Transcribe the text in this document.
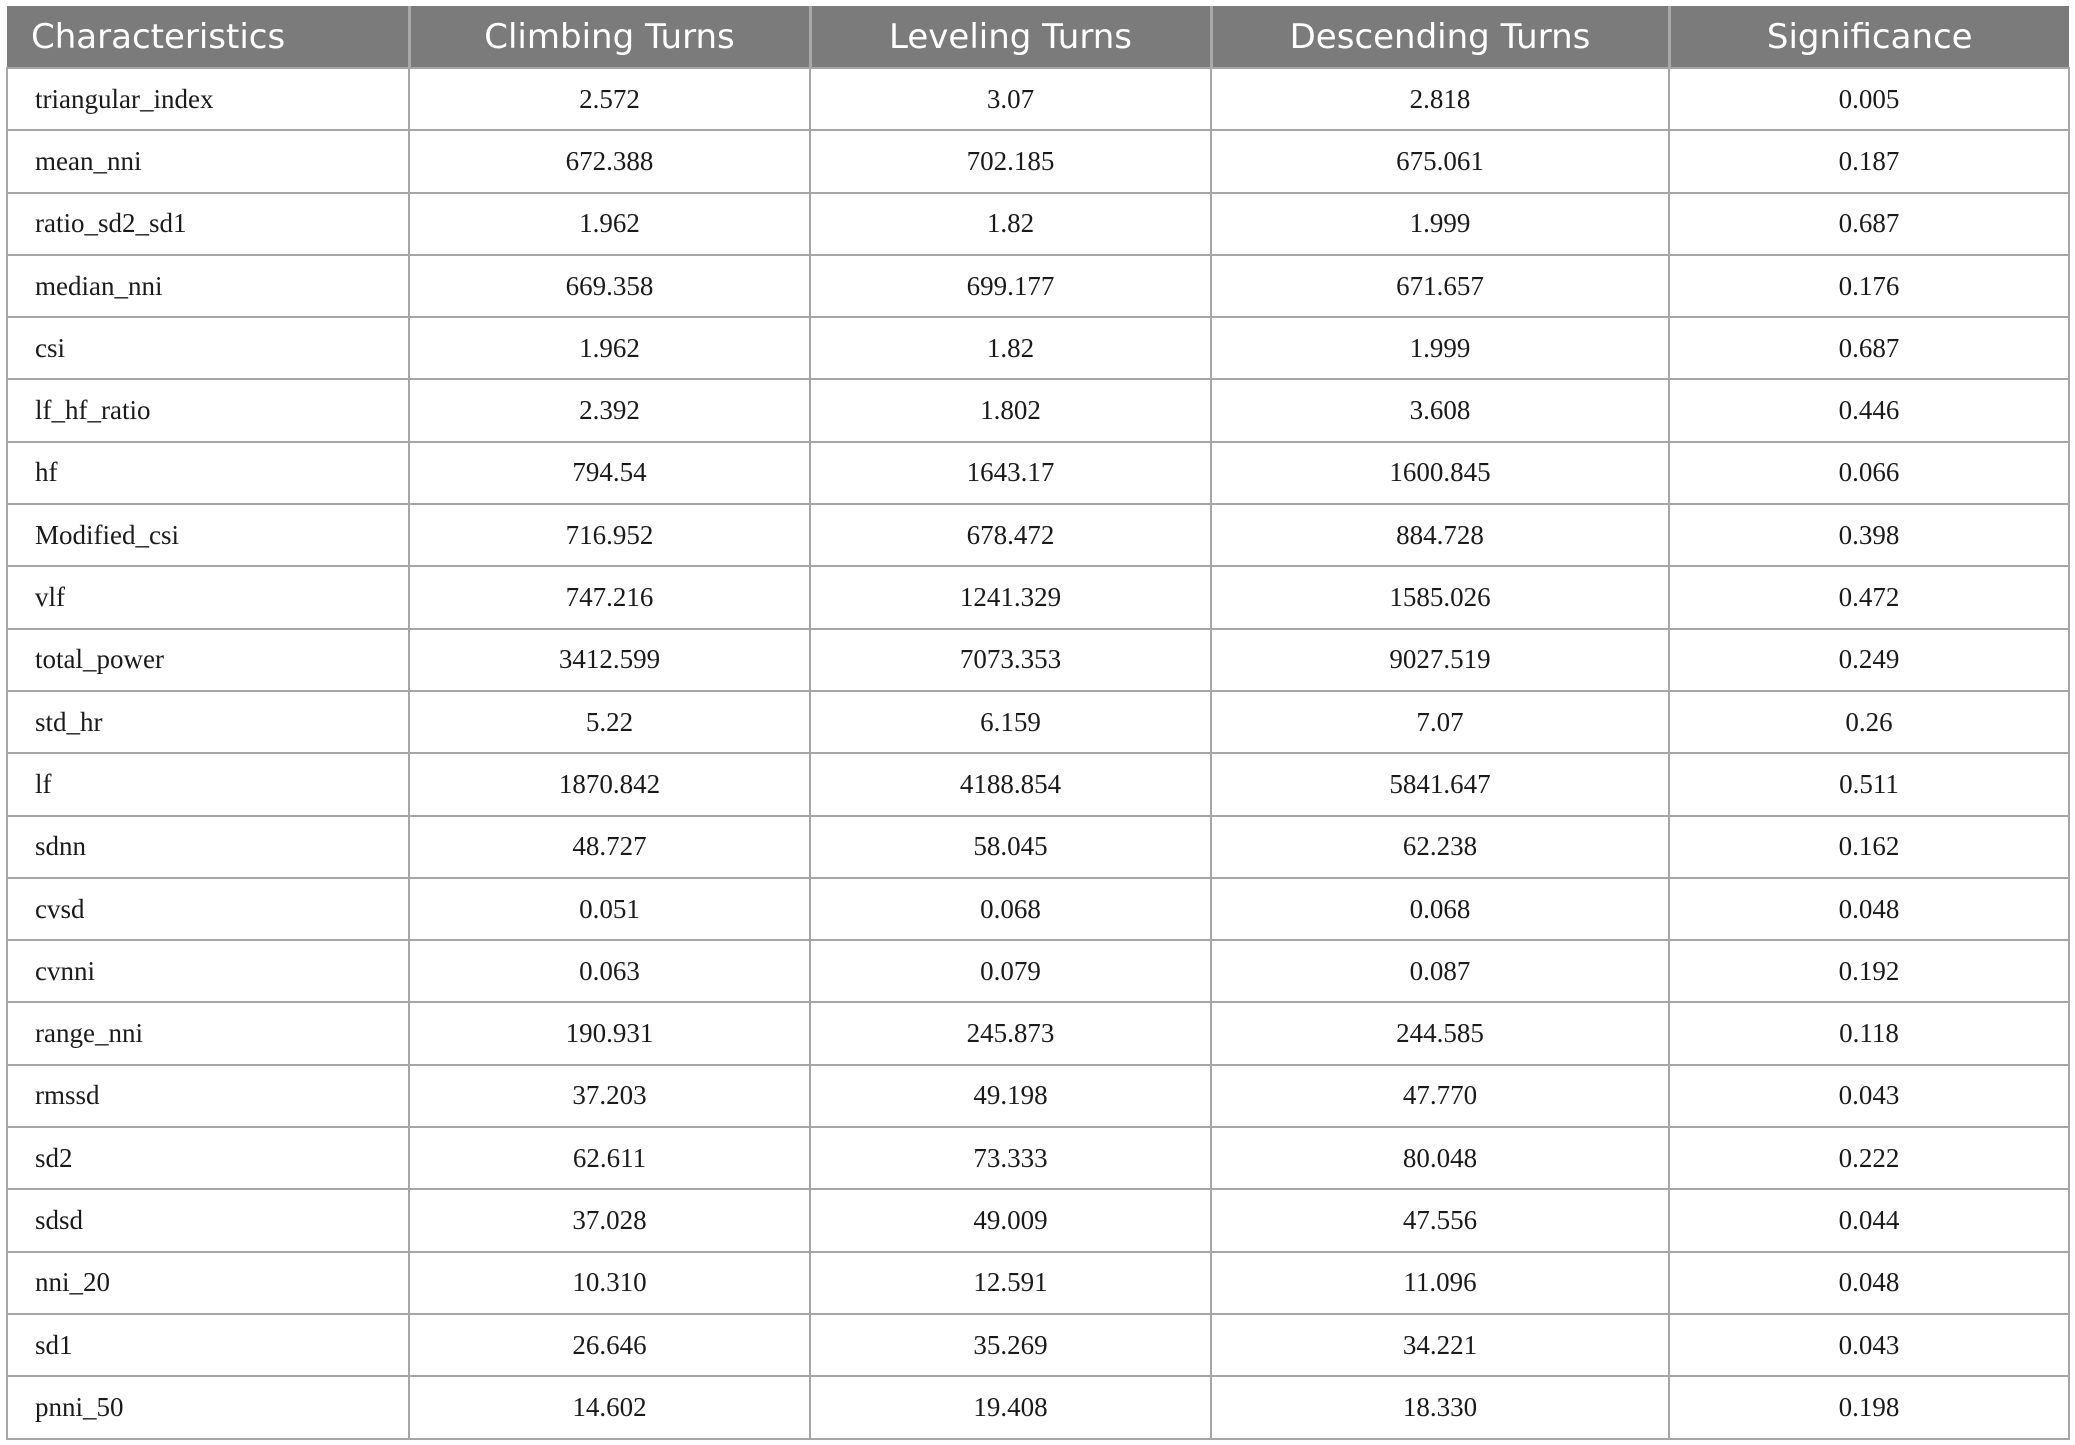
Characteristics	Climbing Turns	Leveling Turns	Descending Turns	Significance
triangular_index	2.572	3.07	2.818	0.005
mean_nni	672.388	702.185	675.061	0.187
ratio_sd2_sd1	1.962	1.82	1.999	0.687
median_nni	669.358	699.177	671.657	0.176
csi	1.962	1.82	1.999	0.687
lf_hf_ratio	2.392	1.802	3.608	0.446
hf	794.54	1643.17	1600.845	0.066
Modified_csi	716.952	678.472	884.728	0.398
vlf	747.216	1241.329	1585.026	0.472
total_power	3412.599	7073.353	9027.519	0.249
std_hr	5.22	6.159	7.07	0.26
lf	1870.842	4188.854	5841.647	0.511
sdnn	48.727	58.045	62.238	0.162
cvsd	0.051	0.068	0.068	0.048
cvnni	0.063	0.079	0.087	0.192
range_nni	190.931	245.873	244.585	0.118
rmssd	37.203	49.198	47.770	0.043
sd2	62.611	73.333	80.048	0.222
sdsd	37.028	49.009	47.556	0.044
nni_20	10.310	12.591	11.096	0.048
sd1	26.646	35.269	34.221	0.043
pnni_50	14.602	19.408	18.330	0.198
